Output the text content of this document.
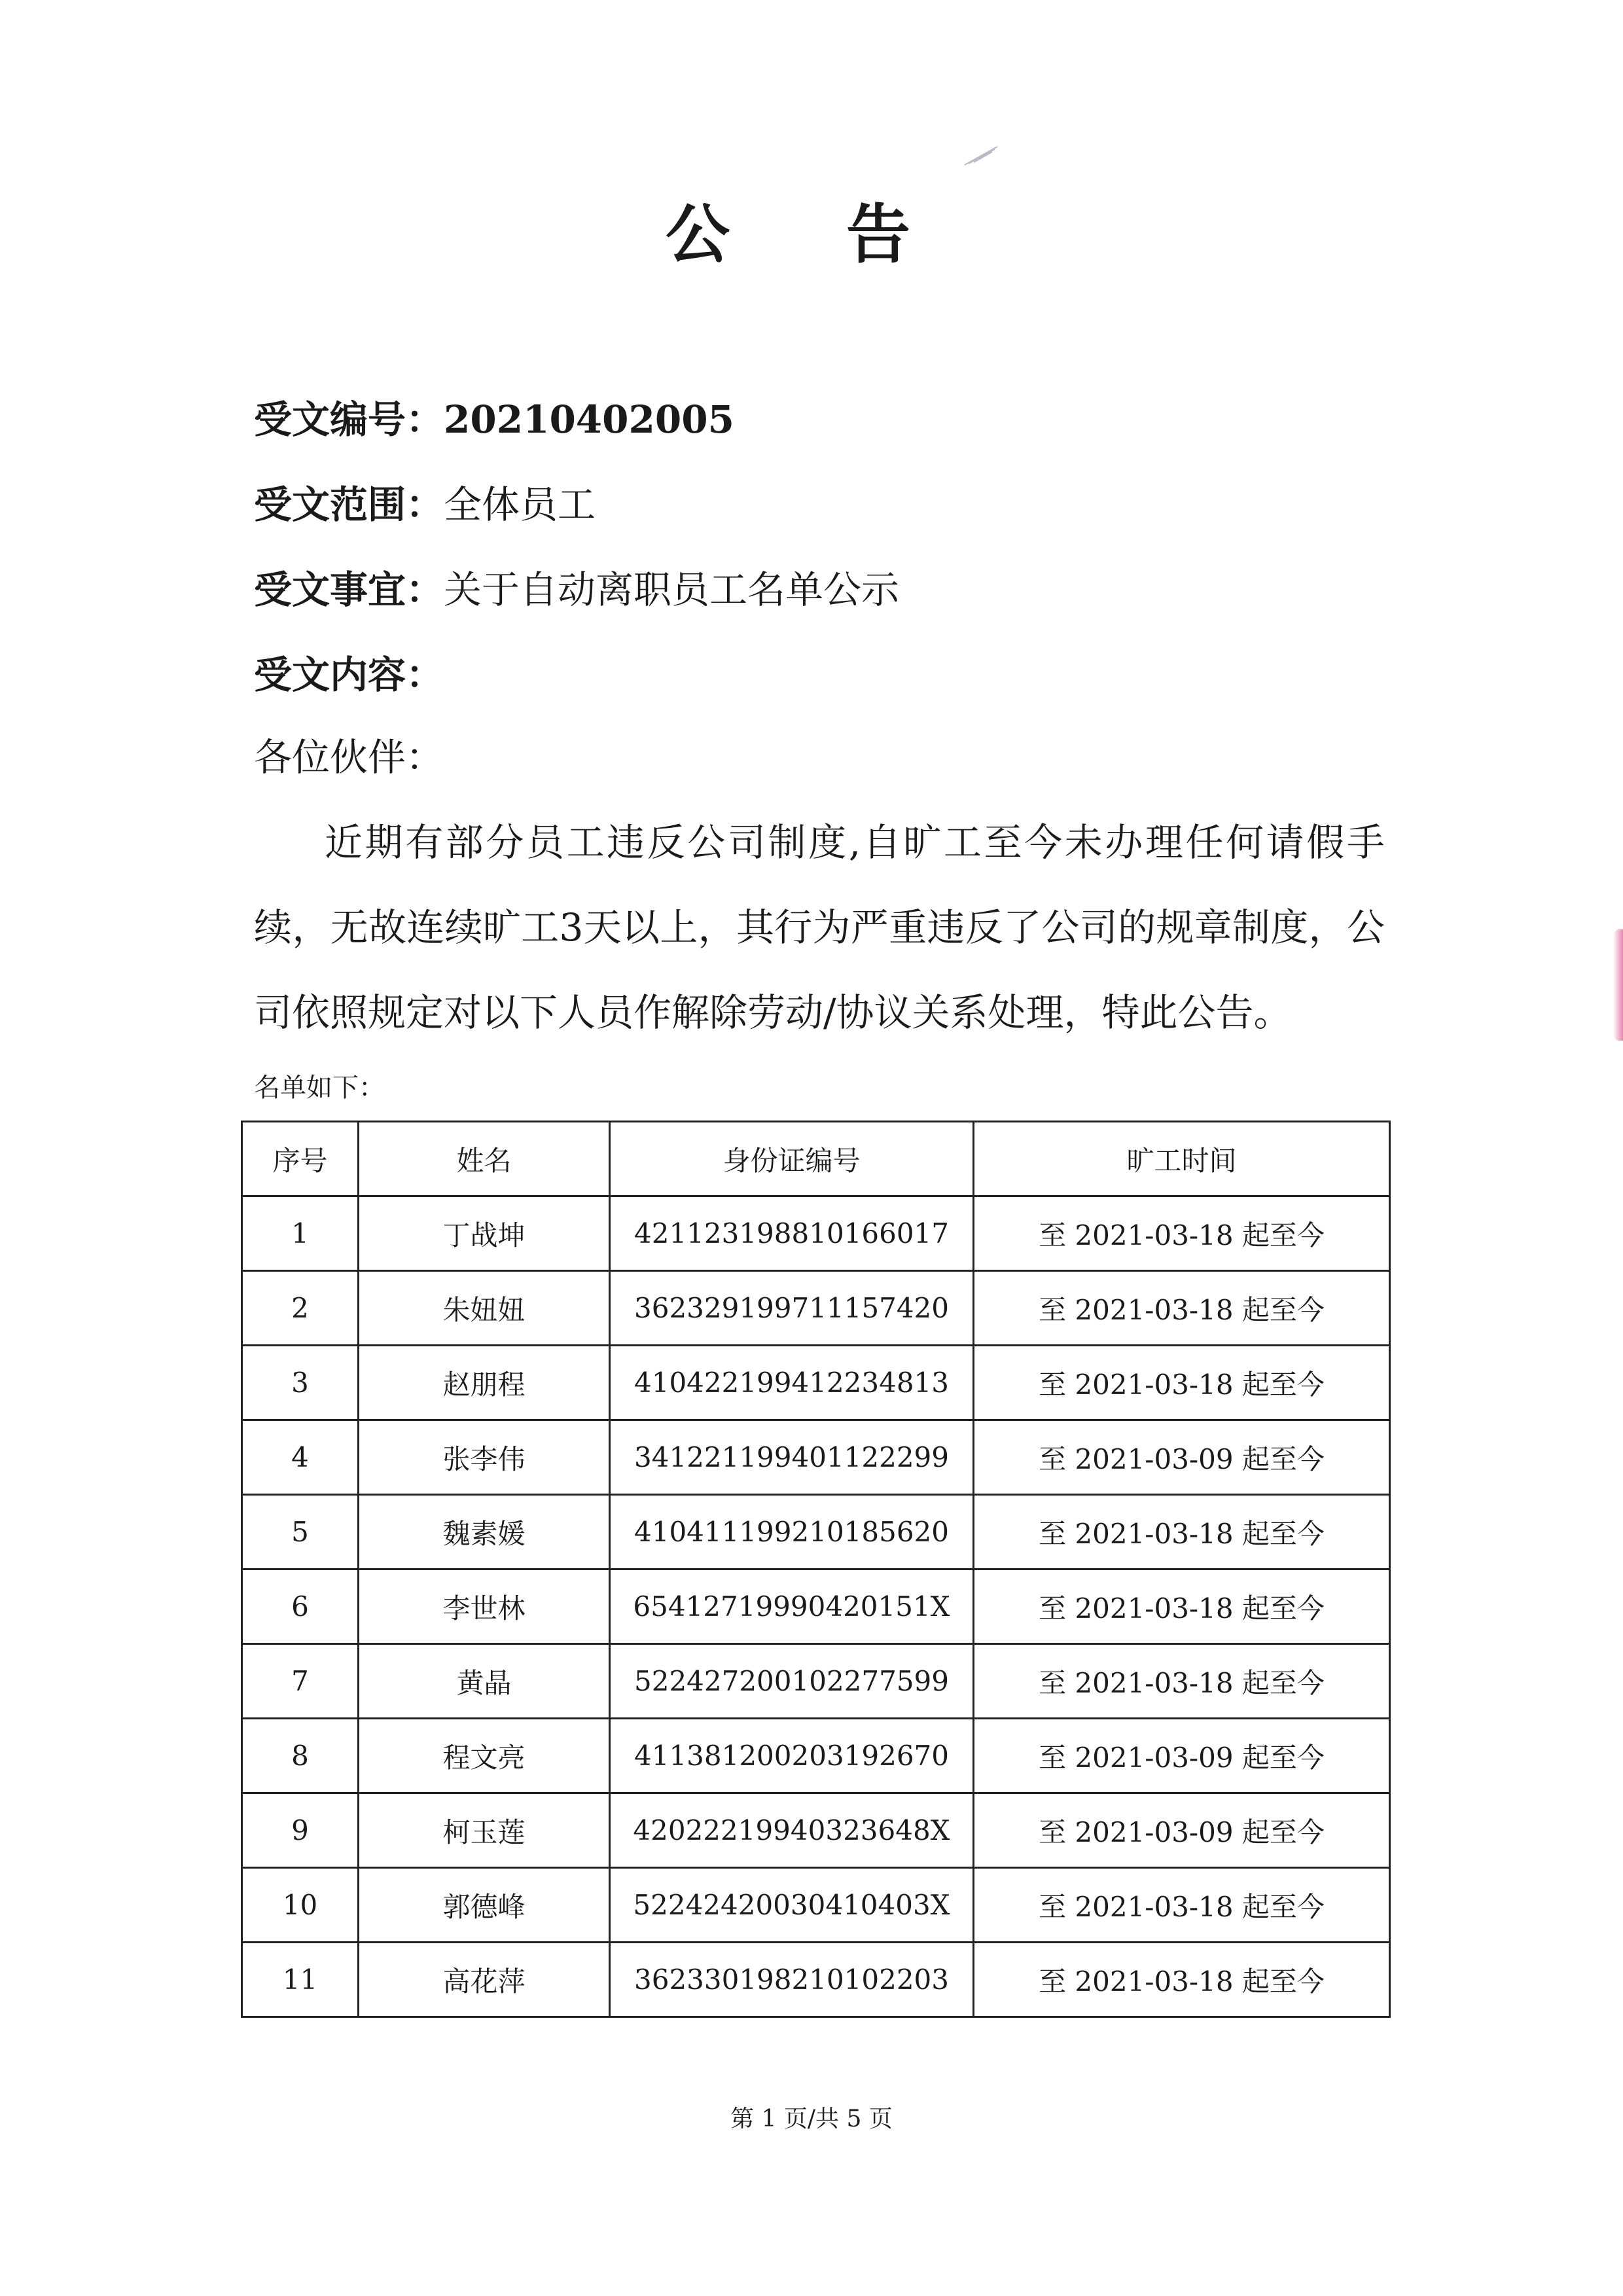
公 告
受文编号：20210402005
受文范围：全体员工
受文事宜：关于自动离职员工名单公示
受文内容：
各位伙伴：
近 期 有 部 分 员 工 违 反 公 司 制 度 , 自 旷 工 至 今 未 办 理 任 何 请 假 手
续 ， 无 故 连 续 旷 工 3 天 以 上 ， 其 行 为 严 重 违 反 了 公 司 的 规 章 制 度 ， 公
司依照规定对以下人员作解除劳动/协议关系处理，特此公告。
名单如下：
序号	姓名	身份证编号	旷工时间
1	丁战坤	421123198810166017	至 2021-03-18 起至今
2	朱妞妞	362329199711157420	至 2021-03-18 起至今
3	赵朋程	410422199412234813	至 2021-03-18 起至今
4	张李伟	341221199401122299	至 2021-03-09 起至今
5	魏素媛	410411199210185620	至 2021-03-18 起至今
6	李世林	65412719990420151X	至 2021-03-18 起至今
7	黄晶	522427200102277599	至 2021-03-18 起至今
8	程文亮	411381200203192670	至 2021-03-09 起至今
9	柯玉莲	42022219940323648X	至 2021-03-09 起至今
10	郭德峰	52242420030410403X	至 2021-03-18 起至今
11	高花萍	362330198210102203	至 2021-03-18 起至今
第 1 页/共 5 页
